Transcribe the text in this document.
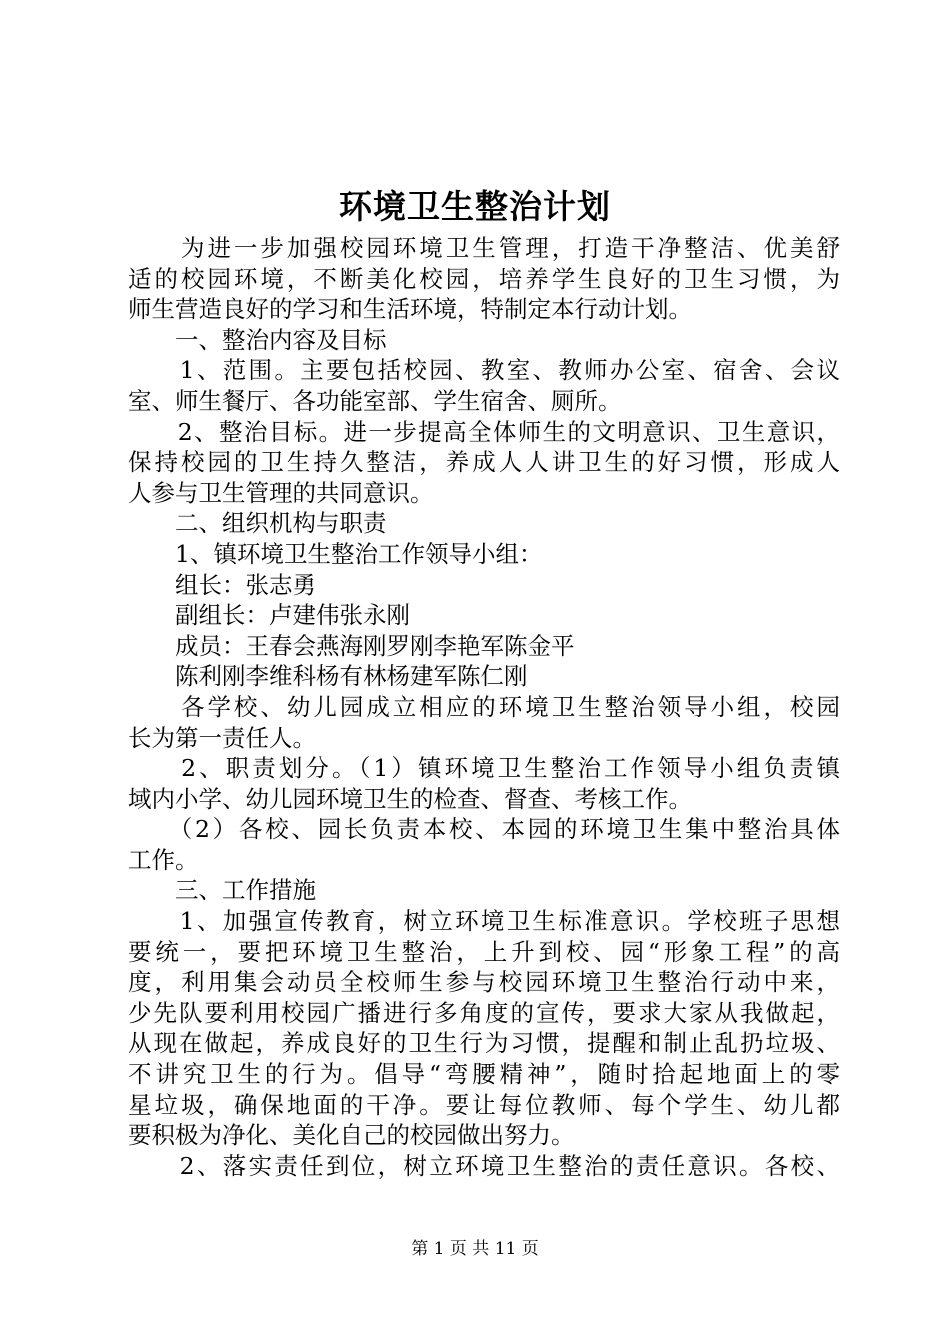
环境卫生整治计划
　　为进一步加强校园环境卫生管理，打造干净整洁、优美舒
适的校园环境，不断美化校园，培养学生良好的卫生习惯，为
师生营造良好的学习和生活环境，特制定本行动计划。
　　一、整治内容及目标
　　1、范围。主要包括校园、教室、教师办公室、宿舍、会议
室、师生餐厅、各功能室部、学生宿舍、厕所。
　　2、整治目标。进一步提高全体师生的文明意识、卫生意识，
保持校园的卫生持久整洁，养成人人讲卫生的好习惯，形成人
人参与卫生管理的共同意识。
　　二、组织机构与职责
　　1、镇环境卫生整治工作领导小组：
　　组长：张志勇
　　副组长：卢建伟张永刚
　　成员：王春会燕海刚罗刚李艳军陈金平
　　陈利刚李维科杨有林杨建军陈仁刚
　　各学校、幼儿园成立相应的环境卫生整治领导小组，校园
长为第一责任人。
　　2、职责划分。（1）镇环境卫生整治工作领导小组负责镇
域内小学、幼儿园环境卫生的检查、督查、考核工作。
　　（2）各校、园长负责本校、本园的环境卫生集中整治具体
工作。
　　三、工作措施
　　1、加强宣传教育，树立环境卫生标准意识。学校班子思想
要统一，要把环境卫生整治，上升到校、园“形象工程”的高
度，利用集会动员全校师生参与校园环境卫生整治行动中来，
少先队要利用校园广播进行多角度的宣传，要求大家从我做起，
从现在做起，养成良好的卫生行为习惯，提醒和制止乱扔垃圾、
不讲究卫生的行为。倡导“弯腰精神”，随时拾起地面上的零
星垃圾，确保地面的干净。要让每位教师、每个学生、幼儿都
要积极为净化、美化自己的校园做出努力。
　　2、落实责任到位，树立环境卫生整治的责任意识。各校、
第 1 页 共 11 页
